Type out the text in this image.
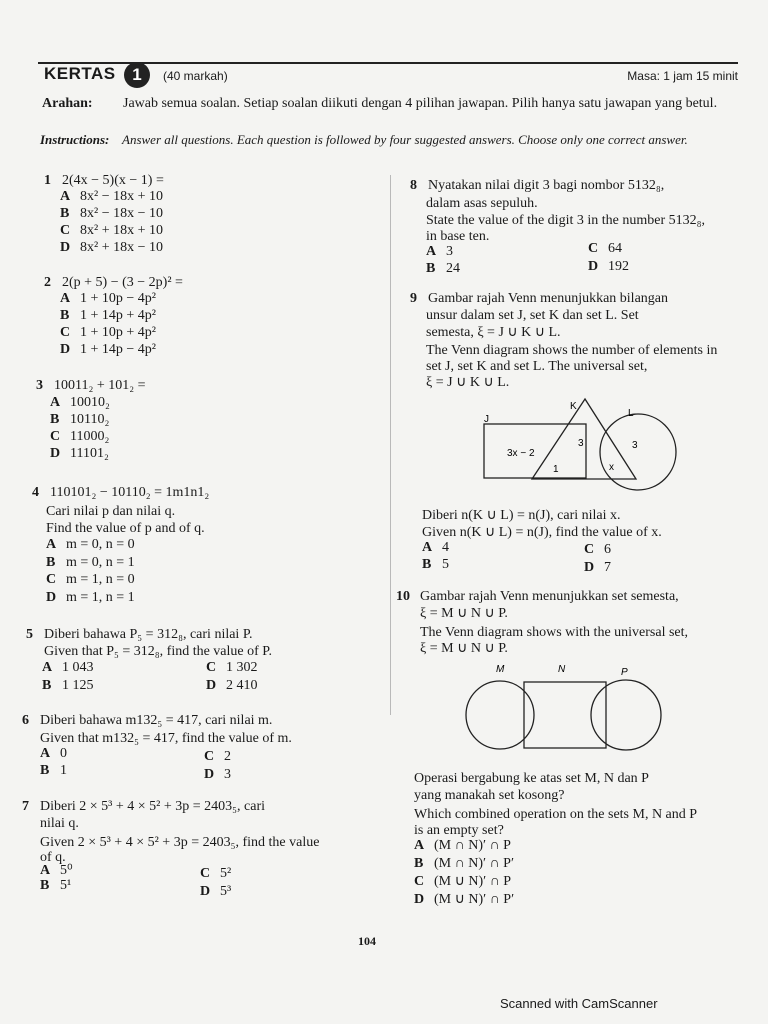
KERTAS 1	(40 markah)	Masa: 1 jam 15 minit
Arahan: Jawab semua soalan. Setiap soalan diikuti dengan 4 pilihan jawapan. Pilih hanya satu jawapan yang betul.
Instructions: Answer all questions. Each question is followed by four suggested answers. Choose only one correct answer.
1 2(4x − 5)(x − 1) =
A 8x² − 18x + 10
B 8x² − 18x − 10
C 8x² + 18x + 10
D 8x² + 18x − 10
2 2(p + 5) − (3 − 2p)² =
A 1 + 10p − 4p²
B 1 + 14p + 4p²
C 1 + 10p + 4p²
D 1 + 14p − 4p²
3 10011₂ + 101₂ =
A 10010₂
B 10110₂
C 11000₂
D 11101₂
4 110101₂ − 10110₂ = 1m1n1₂
Cari nilai p dan nilai q.
Find the value of p and of q.
A m = 0, n = 0
B m = 0, n = 1
C m = 1, n = 0
D m = 1, n = 1
5 Diberi bahawa P₅ = 312₈, cari nilai P.
Given that P₅ = 312₈, find the value of P.
A 1 043
B 1 125
C 1 302
D 2 410
6 Diberi bahawa m132₅ = 417, cari nilai m.
Given that m132₅ = 417, find the value of m.
A 0
B 1
C 2
D 3
7 Diberi 2 × 5³ + 4 × 5² + 3p = 2403₅, cari
nilai q.
Given 2 × 5³ + 4 × 5² + 3p = 2403₅, find the value
of q.
A 5⁰
B 5¹
C 5²
D 5³
8 Nyatakan nilai digit 3 bagi nombor 5132₈,
dalam asas sepuluh.
State the value of the digit 3 in the number 5132₈,
in base ten.
A 3
B 24
C 64
D 192
9 Gambar rajah Venn menunjukkan bilangan
unsur dalam set J, set K dan set L. Set
semesta, ξ = J ∪ K ∪ L.
The Venn diagram shows the number of elements in
set J, set K and set L. The universal set,
ξ = J ∪ K ∪ L.
J
K
L
3x − 2
3	3
1	x
Diberi n(K ∪ L) = n(J), cari nilai x.
Given n(K ∪ L) = n(J), find the value of x.
A 4
B 5
C 6
D 7
10 Gambar rajah Venn menunjukkan set semesta,
ξ = M ∪ N ∪ P.
The Venn diagram shows with the universal set,
ξ = M ∪ N ∪ P.
M	N	P
Operasi bergabung ke atas set M, N dan P
yang manakah set kosong?
Which combined operation on the sets M, N and P
is an empty set?
A (M ∩ N)′ ∩ P
B (M ∩ N)′ ∩ P′
C (M ∪ N)′ ∩ P
D (M ∪ N)′ ∩ P′
104
Scanned with CamScanner
